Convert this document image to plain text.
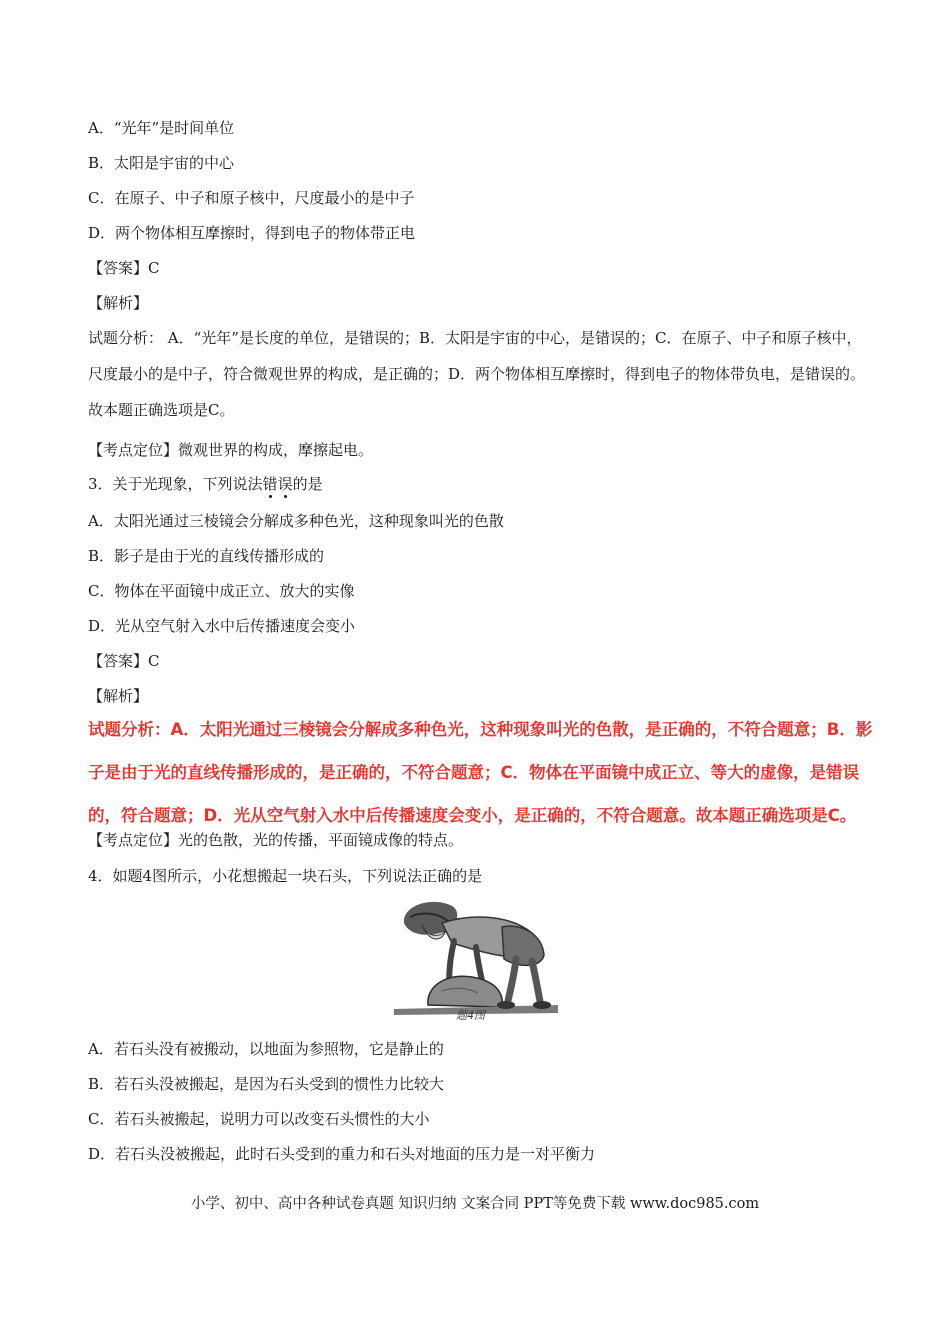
A．“光年”是时间单位
B．太阳是宇宙的中心
C．在原子、中子和原子核中，尺度最小的是中子
D．两个物体相互摩擦时，得到电子的物体带正电
【答案】C
【解析】
试题分析： A．“光年”是长度的单位，是错误的；B．太阳是宇宙的中心，是错误的；C．在原子、中子和原子核中，尺度最小的是中子，符合微观世界的构成，是正确的；D．两个物体相互摩擦时，得到电子的物体带负电，是错误的。故本题正确选项是C。
【考点定位】微观世界的构成，摩擦起电。
3．关于光现象，下列说法错误的是
A．太阳光通过三棱镜会分解成多种色光，这种现象叫光的色散
B．影子是由于光的直线传播形成的
C．物体在平面镜中成正立、放大的实像
D．光从空气射入水中后传播速度会变小
【答案】C
【解析】
试题分析：A．太阳光通过三棱镜会分解成多种色光，这种现象叫光的色散，是正确的，不符合题意；B．影子是由于光的直线传播形成的，是正确的，不符合题意；C．物体在平面镜中成正立、等大的虚像，是错误的，符合题意；D．光从空气射入水中后传播速度会变小，是正确的，不符合题意。故本题正确选项是C。
【考点定位】光的色散，光的传播，平面镜成像的特点。
4．如题4图所示，小花想搬起一块石头，下列说法正确的是
题4图
A．若石头没有被搬动，以地面为参照物，它是静止的
B．若石头没被搬起，是因为石头受到的惯性力比较大
C．若石头被搬起，说明力可以改变石头惯性的大小
D．若石头没被搬起，此时石头受到的重力和石头对地面的压力是一对平衡力
小学、初中、高中各种试卷真题 知识归纳 文案合同 PPT等免费下载 www.doc985.com
